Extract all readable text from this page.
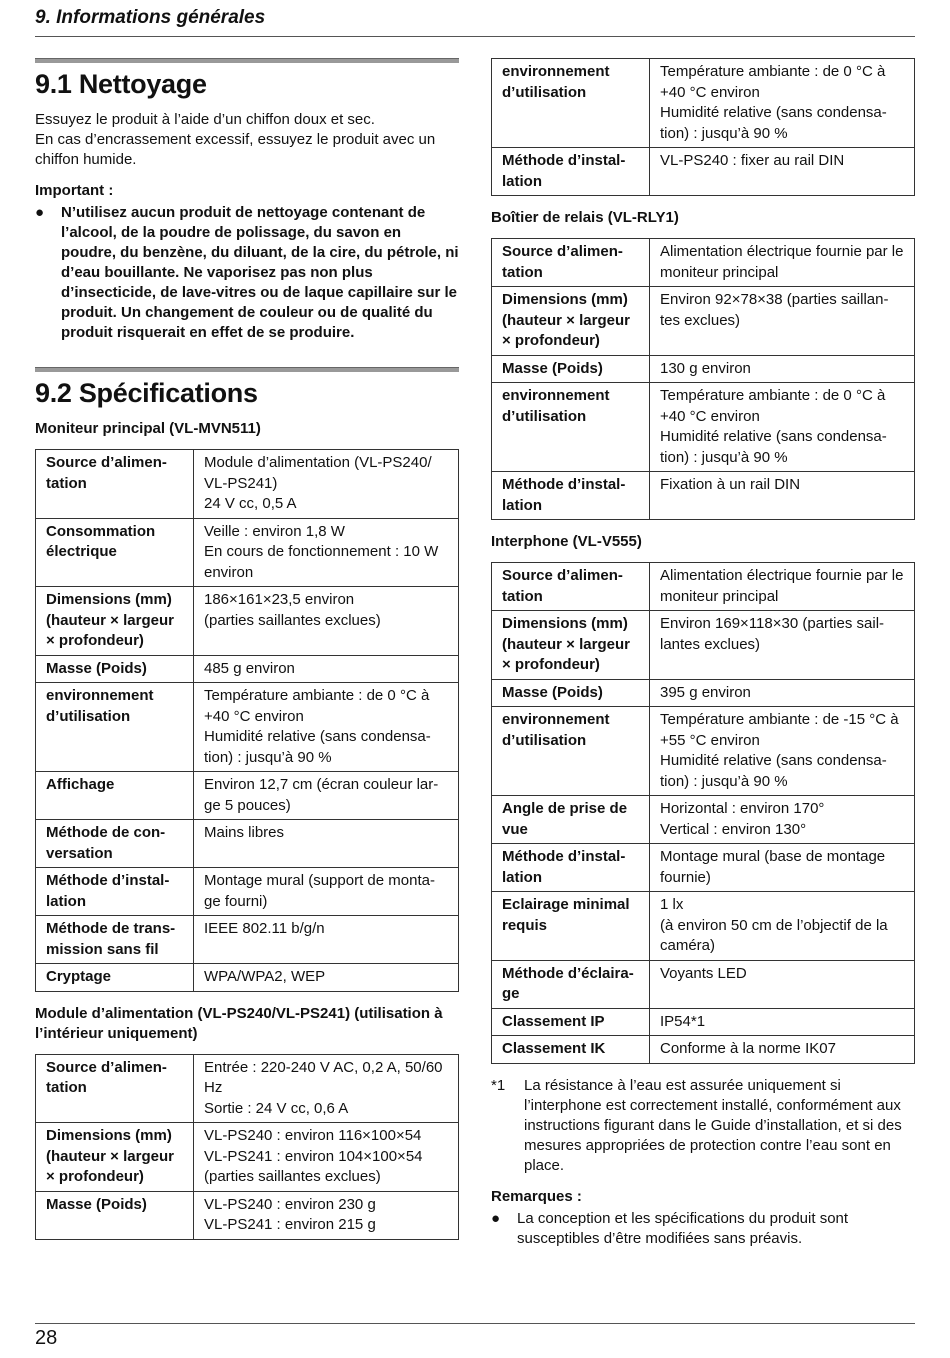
9. Informations générales
9.1 Nettoyage

Essuyez le produit à l’aide d’un chiffon doux et sec.

En cas d’encrassement excessif, essuyez le produit avec un chiffon humide.

Important :
●	N’utilisez aucun produit de nettoyage contenant de l’alcool, de la poudre de polissage, du savon en poudre, du benzène, du diluant, de la cire, du pétrole, ni d’eau bouillante. Ne vaporisez pas non plus d’insecticide, de lave-vitres ou de laque capillaire sur le produit. Un changement de couleur ou de qualité du produit risquerait en effet de se produire.
9.2 Spécifications
Moniteur principal (VL-MVN511)
Source d’alimen-tation	Module d’alimentation (VL-PS240/ VL-PS241)
24 V cc, 0,5 A

Consommation électrique	Veille : environ 1,8 W
En cours de fonctionnement : 10 W environ

Dimensions (mm) (hauteur × largeur × profondeur)	186×161×23,5 environ
(parties saillantes exclues)

Masse (Poids)	485 g environ

environnement d’utilisation	Température ambiante : de 0 °C à +40 °C environ
Humidité relative (sans condensa-tion) : jusqu’à 90 %

Affichage	Environ 12,7 cm (écran couleur lar-ge 5 pouces)

Méthode de con-versation	Mains libres

Méthode d’instal-lation	Montage mural (support de monta-ge fourni)

Méthode de trans-mission sans fil	IEEE 802.11 b/g/n

Cryptage	WPA/WPA2, WEP
Module d’alimentation (VL-PS240/VL-PS241) (utilisation à l’intérieur uniquement)
Source d’alimen-tation	Entrée : 220-240 V AC, 0,2 A, 50/60 Hz
Sortie : 24 V cc, 0,6 A

Dimensions (mm) (hauteur × largeur × profondeur)	VL-PS240 : environ 116×100×54
VL-PS241 : environ 104×100×54
(parties saillantes exclues)

Masse (Poids)	VL-PS240 : environ 230 g
VL-PS241 : environ 215 g
environnement d’utilisation	Température ambiante : de 0 °C à +40 °C environ
Humidité relative (sans condensa-tion) : jusqu’à 90 %

Méthode d’instal-lation	VL-PS240 : fixer au rail DIN
Boîtier de relais (VL-RLY1)
Source d’alimen-tation	Alimentation électrique fournie par le moniteur principal

Dimensions (mm) (hauteur × largeur × profondeur)	Environ 92×78×38 (parties saillan-tes exclues)

Masse (Poids)	130 g environ

environnement d’utilisation	Température ambiante : de 0 °C à +40 °C environ
Humidité relative (sans condensa-tion) : jusqu’à 90 %

Méthode d’instal-lation	Fixation à un rail DIN
Interphone (VL-V555)
Source d’alimen-tation	Alimentation électrique fournie par le moniteur principal

Dimensions (mm) (hauteur × largeur × profondeur)	Environ 169×118×30 (parties sail-lantes exclues)

Masse (Poids)	395 g environ

environnement d’utilisation	Température ambiante : de -15 °C à +55 °C environ
Humidité relative (sans condensa-tion) : jusqu’à 90 %

Angle de prise de vue	Horizontal : environ 170°
Vertical : environ 130°

Méthode d’instal-lation	Montage mural (base de montage fournie)

Eclairage minimal requis	1 lx
(à environ 50 cm de l’objectif de la caméra)

Méthode d’éclaira-ge	Voyants LED

Classement IP	IP54*1

Classement IK	Conforme à la norme IK07
*1	La résistance à l’eau est assurée uniquement si l’interphone est correctement installé, conformément aux instructions figurant dans le Guide d’installation, et si des mesures appropriées de protection contre l’eau sont en place.
Remarques :
●	La conception et les spécifications du produit sont susceptibles d’être modifiées sans préavis.
28
